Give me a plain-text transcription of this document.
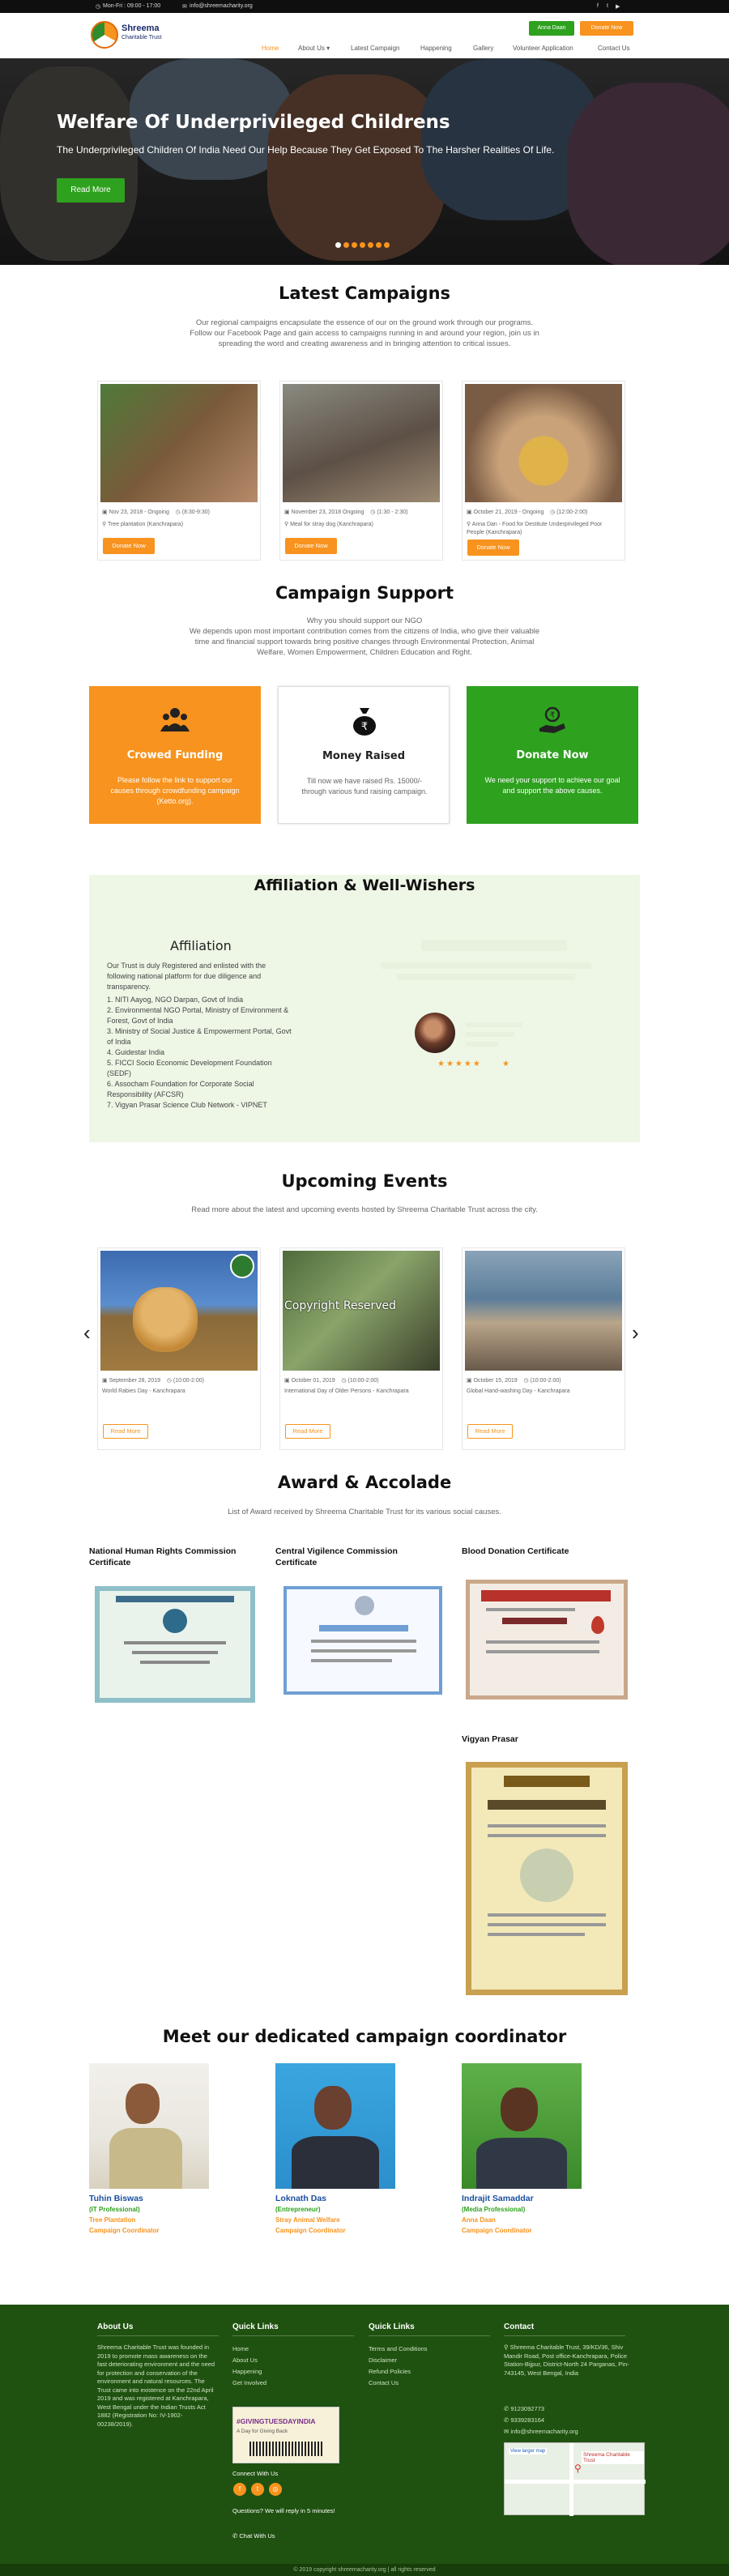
◷ Mon-Fri : 09:00 - 17:00	✉ info@shreemacharity.org	f t ▶
Shreema
Charitable Trust
Anna Daan	Donate Now
Home	About Us ▾	Latest Campaign	Happening	Gallery	Volunteer Application	Contact Us
Welfare Of Underprivileged Childrens
The Underprivileged Children Of India Need Our Help Because They Get Exposed To The Harsher Realities Of Life.
Read More
Latest Campaigns
Our regional campaigns encapsulate the essence of our on the ground work through our programs. Follow our Facebook Page and gain access to campaigns running in and around your region, join us in spreading the word and creating awareness and in bringing attention to critical issues.
▣ Nov 23, 2018 - Ongoing ◷ (8:30-9:30)
⚲ Tree plantation (Kanchrapara)
Donate Now
▣ November 23, 2018 Ongoing ◷ (1:30 - 2:30)
⚲ Meal for stray dog (Kanchrapara)
Donate Now
▣ October 21, 2019 - Ongoing ◷ (12:00-2:00)
⚲ Anna Dan - Food for Destitute Underprivileged Poor People (Kanchrapara)
Donate Now
Campaign Support
Why you should support our NGO
We depends upon most important contribution comes from the citizens of India, who give their valuable time and financial support towards bring positive changes through Environmental Protection, Animal Welfare, Women Empowerment, Children Education and Right.
Crowed Funding
Please follow the link to support our causes through crowdfunding campaign (Ketto.org).
₹
Money Raised
Till now we have raised Rs. 15000/- through various fund raising campaign.
₹
Donate Now
We need your support to achieve our goal and support the above causes.
Affiliation & Well-Wishers
Affiliation
Our Trust is duly Registered and enlisted with the following national platform for due diligence and transparency.
1. NITI Aayog, NGO Darpan, Govt of India
2. Environmental NGO Portal, Ministry of Environment & Forest, Govt of India
3. Ministry of Social Justice & Empowerment Portal, Govt of India
4. Guidestar India
5. FICCI Socio Economic Development Foundation (SEDF)
6. Assocham Foundation for Corporate Social Responsibility (AFCSR)
7. Vigyan Prasar Science Club Network - VIPNET
★★★★★	★
Upcoming Events
Read more about the latest and upcoming events hosted by Shreema Charitable Trust across the city.
‹	›
▣ September 28, 2019 ◷ (10:00-2:00)
World Rabies Day - Kanchrapara
Read More
Copyright Reserved
▣ October 01, 2019 ◷ (10:00-2:00)
International Day of Older Persons - Kanchrapara
Read More
▣ October 15, 2019 ◷ (10:00-2:00)
Global Hand-washing Day - Kanchrapara
Read More
Award & Accolade
List of Award received by Shreema Charitable Trust for its various social causes.
National Human Rights Commission Certificate
Central Vigilence Commission Certificate
Blood Donation Certificate
Vigyan Prasar
Meet our dedicated campaign coordinator
Tuhin Biswas
(IT Professional)
Tree Plantation
Campaign Coordinator
Loknath Das
(Entrepreneur)
Stray Animal Welfare
Campaign Coordinator
Indrajit Samaddar
(Media Professional)
Anna Daan
Campaign Coordinator
About Us
Shreema Charitable Trust was founded in 2019 to promote mass awareness on the fast deteriorating environment and the need for protection and conservation of the environment and natural resources. The Trust came into existence on the 22nd April 2019 and was registered at Kanchrapara, West Bengal under the Indian Trusts Act 1882 (Registration No: IV-1902-00238/2019).
Quick Links
Home
About Us
Happening
Get Involved
#GIVINGTUESDAYINDIA
A Day for Giving Back
Connect With Us
f	t	◎
Questions? We will reply in 5 minutes!
✆ Chat With Us
Quick Links
Terms and Conditions
Disclaimer
Refund Policies
Contact Us
Contact
⚲ Shreema Charitable Trust, 39/KD/36, Shiv Mandir Road, Post office-Kanchrapara, Police Station-Bijpur, District-North 24 Parganas, Pin-743145, West Bengal, India
✆ 9123092773
✆ 9339283164
✉ info@shreemacharity.org
View larger map
Shreema Charitable Trust
⚲
© 2019 copyright shreemacharity.org | all rights reserved
